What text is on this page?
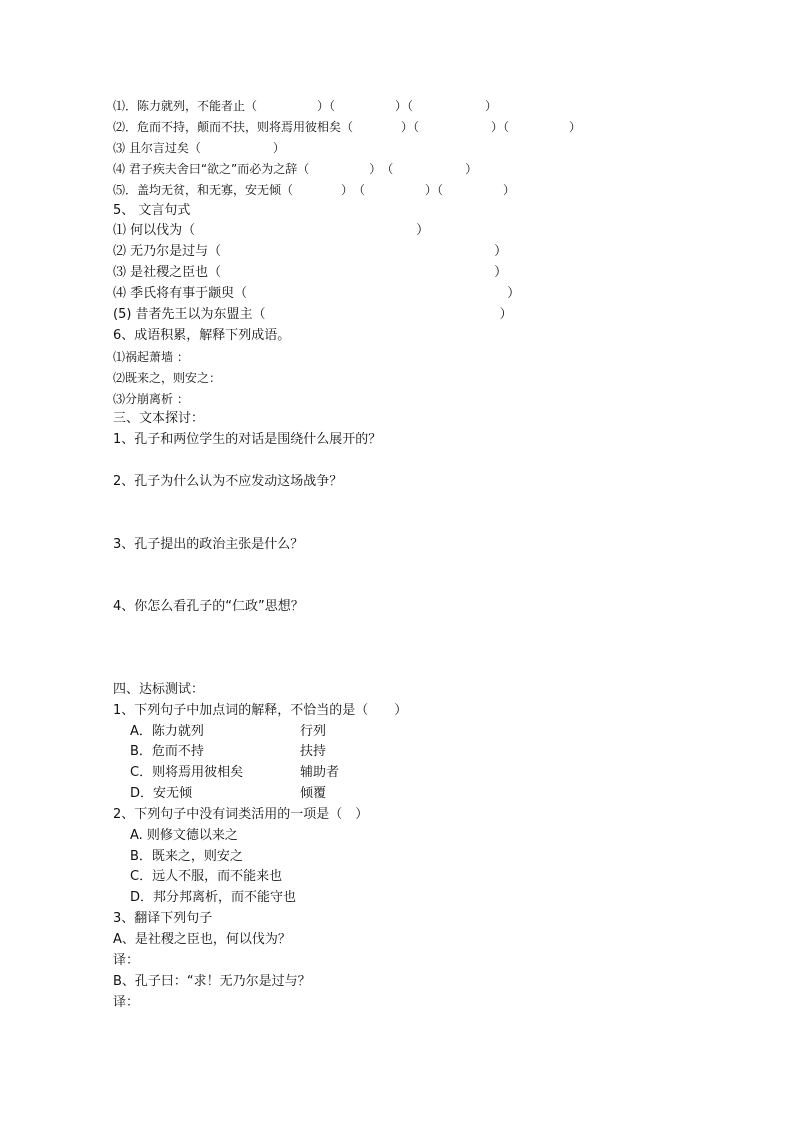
⑴．陈力就列，不能者止（　　　　　）（　　　　　）（　　　　　　）
⑵．危而不持，颠而不扶，则将焉用彼相矣（　　　　）（　　　　　　）（　　　　　）
⑶ 且尔言过矣（　　　　　　）
⑷ 君子疾夫舍曰“欲之”而必为之辞（　　　　　）　（　　　　　　）
⑸．盖均无贫，和无寡，安无倾（　　　　）　（　　　　　）（　　　　　）
5、 文言句式
⑴ 何以伐为（　　　　　　　　　　　　　　　　　）
⑵ 无乃尔是过与（　　　　　　　　　　　　　　　　　　　　　）
⑶ 是社稷之臣也（　　　　　　　　　　　　　　　　　　　　　）
⑷ 季氏将有事于颛臾（　　　　　　　　　　　　　　　　　　　　）
(5) 昔者先王以为东盟主（　　　　　　　　　　　　　　　　　　）
6、成语积累，解释下列成语。
⑴祸起萧墙 ：
⑵既来之，则安之：
⑶分崩离析 ：
三、文本探讨：
1、孔子和两位学生的对话是围绕什么展开的？
2、孔子为什么认为不应发动这场战争？
3、孔子提出的政治主张是什么？
4、你怎么看孔子的“仁政”思想？
四、达标测试：
1、下列句子中加点词的解释，不恰当的是（　　）
A．陈力就列	行列
B．危而不持	扶持
C．则将焉用彼相矣	辅助者
D．安无倾	倾覆
2、下列句子中没有词类活用的一项是（　）
A. 则修文德以来之
B．既来之，则安之
C．远人不服，而不能来也
D．邦分邦离析，而不能守也
3、翻译下列句子
A、是社稷之臣也，何以伐为？
译：
B、孔子曰：“求！无乃尔是过与？
译：
